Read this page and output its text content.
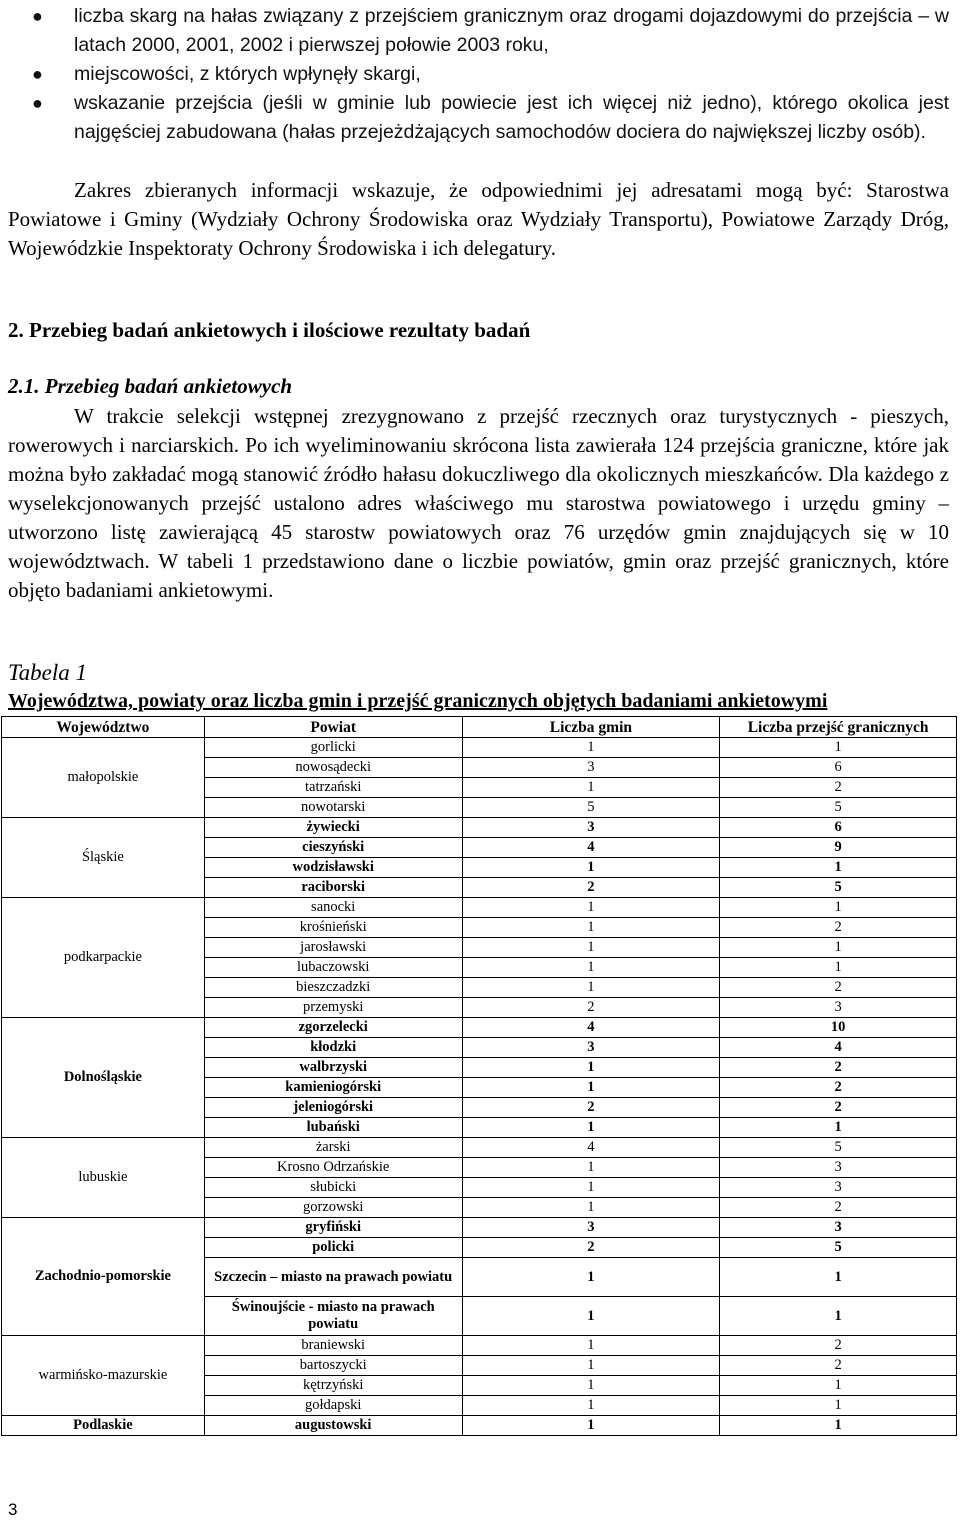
● liczba skarg na hałas związany z przejściem granicznym oraz drogami dojazdowymi do przejścia – w latach 2000, 2001, 2002 i pierwszej połowie 2003 roku,
● miejscowości, z których wpłynęły skargi,
● wskazanie przejścia (jeśli w gminie lub powiecie jest ich więcej niż jedno), którego okolica jest najgęściej zabudowana (hałas przejeżdżających samochodów dociera do największej liczby osób).
Zakres zbieranych informacji wskazuje, że odpowiednimi jej adresatami mogą być: Starostwa Powiatowe i Gminy (Wydziały Ochrony Środowiska oraz Wydziały Transportu), Powiatowe Zarządy Dróg, Wojewódzkie Inspektoraty Ochrony Środowiska i ich delegatury.
2. Przebieg badań ankietowych i ilościowe rezultaty badań
2.1. Przebieg badań ankietowych
W trakcie selekcji wstępnej zrezygnowano z przejść rzecznych oraz turystycznych - pieszych, rowerowych i narciarskich. Po ich wyeliminowaniu skrócona lista zawierała 124 przejścia graniczne, które jak można było zakładać mogą stanowić źródło hałasu dokuczliwego dla okolicznych mieszkańców. Dla każdego z wyselekcjonowanych przejść ustalono adres właściwego mu starostwa powiatowego i urzędu gminy – utworzono listę zawierającą 45 starostw powiatowych oraz 76 urzędów gmin znajdujących się w 10 województwach. W tabeli 1 przedstawiono dane o liczbie powiatów, gmin oraz przejść granicznych, które objęto badaniami ankietowymi.
Tabela 1
Województwa, powiaty oraz liczba gmin i przejść granicznych objętych badaniami ankietowymi
Województwo	Powiat	Liczba gmin	Liczba przejść granicznych
małopolskie	gorlicki	1	1
	nowosądecki	3	6
	tatrzański	1	2
	nowotarski	5	5
Śląskie	żywiecki	3	6
	cieszyński	4	9
	wodzisławski	1	1
	raciborski	2	5
podkarpackie	sanocki	1	1
	krośnieński	1	2
	jarosławski	1	1
	lubaczowski	1	1
	bieszczadzki	1	2
	przemyski	2	3
Dolnośląskie	zgorzelecki	4	10
	kłodzki	3	4
	walbrzyski	1	2
	kamieniogórski	1	2
	jeleniogórski	2	2
	lubański	1	1
lubuskie	żarski	4	5
	Krosno Odrzańskie	1	3
	słubicki	1	3
	gorzowski	1	2
Zachodnio-pomorskie	gryfiński	3	3
	policki	2	5
	Szczecin – miasto na prawach powiatu	1	1
	Świnoujście - miasto na prawach powiatu	1	1
warmińsko-mazurskie	braniewski	1	2
	bartoszycki	1	2
	kętrzyński	1	1
	gołdapski	1	1
Podlaskie	augustowski	1	1
3
